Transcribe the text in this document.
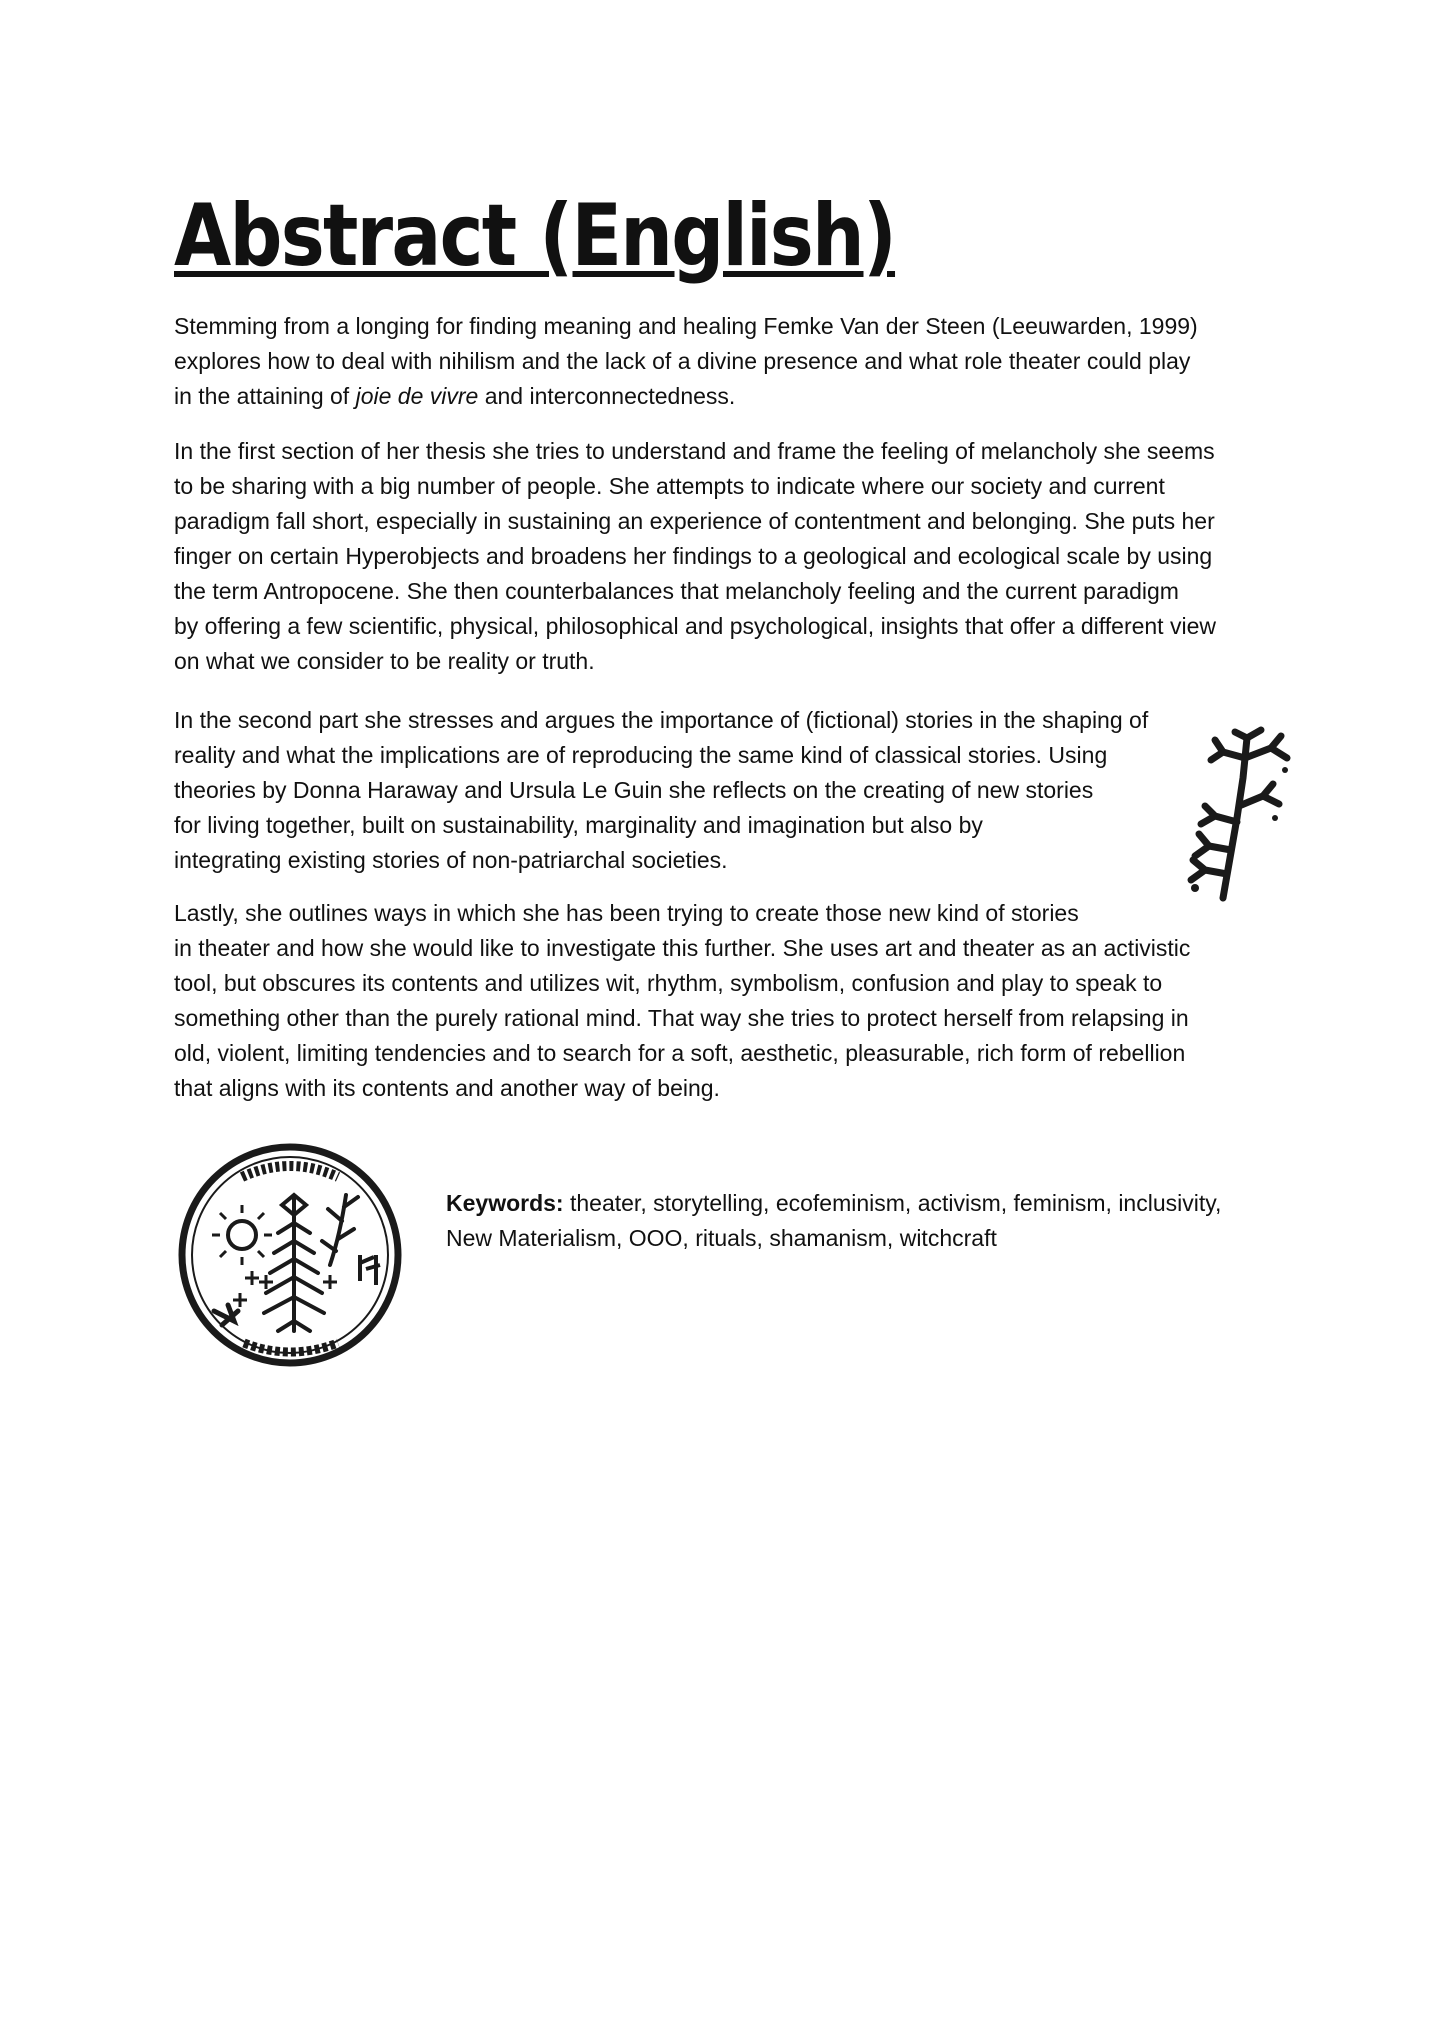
Abstract (English)

Stemming from a longing for finding meaning and healing Femke Van der Steen (Leeuwarden, 1999)
explores how to deal with nihilism and the lack of a divine presence and what role theater could play
in the attaining of joie de vivre and interconnectedness.

In the first section of her thesis she tries to understand and frame the feeling of melancholy she seems
to be sharing with a big number of people. She attempts to indicate where our society and current
paradigm fall short, especially in sustaining an experience of contentment and belonging. She puts her
finger on certain Hyperobjects and broadens her findings to a geological and ecological scale by using
the term Antropocene. She then counterbalances that melancholy feeling and the current paradigm
by offering a few scientific, physical, philosophical and psychological, insights that offer a different view
on what we consider to be reality or truth.

In the second part she stresses and argues the importance of (fictional) stories in the shaping of
reality and what the implications are of reproducing the same kind of classical stories. Using
theories by Donna Haraway and Ursula Le Guin she reflects on the creating of new stories
for living together, built on sustainability, marginality and imagination but also by
integrating existing stories of non-patriarchal societies.

Lastly, she outlines ways in which she has been trying to create those new kind of stories
in theater and how she would like to investigate this further. She uses art and theater as an activistic
tool, but obscures its contents and utilizes wit, rhythm, symbolism, confusion and play to speak to
something other than the purely rational mind. That way she tries to protect herself from relapsing in
old, violent, limiting tendencies and to search for a soft, aesthetic, pleasurable, rich form of rebellion
that aligns with its contents and another way of being.

Keywords: theater, storytelling, ecofeminism, activism, feminism, inclusivity,
New Materialism, OOO, rituals, shamanism, witchcraft
